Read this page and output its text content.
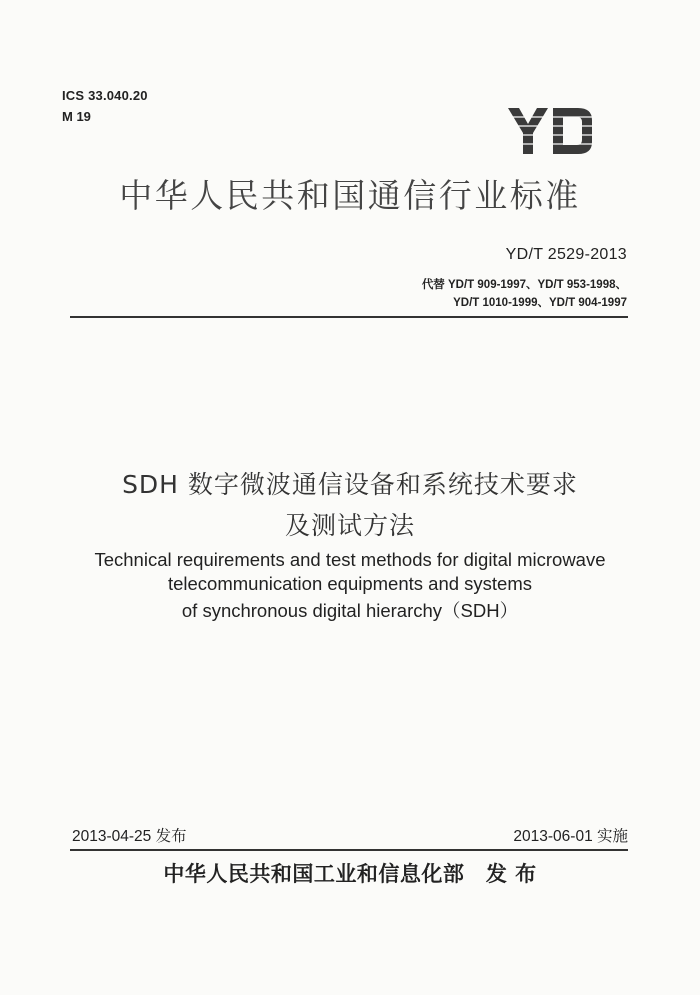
ICS 33.040.20
M 19
中华人民共和国通信行业标准
YD/T 2529-2013
代替 YD/T 909-1997、YD/T 953-1998、
YD/T 1010-1999、YD/T 904-1997
SDH 数字微波通信设备和系统技术要求
及测试方法
Technical requirements and test methods for digital microwave
telecommunication equipments and systems
of synchronous digital hierarchy（SDH）
2013-04-25 发布	2013-06-01 实施
中华人民共和国工业和信息化部　发 布
